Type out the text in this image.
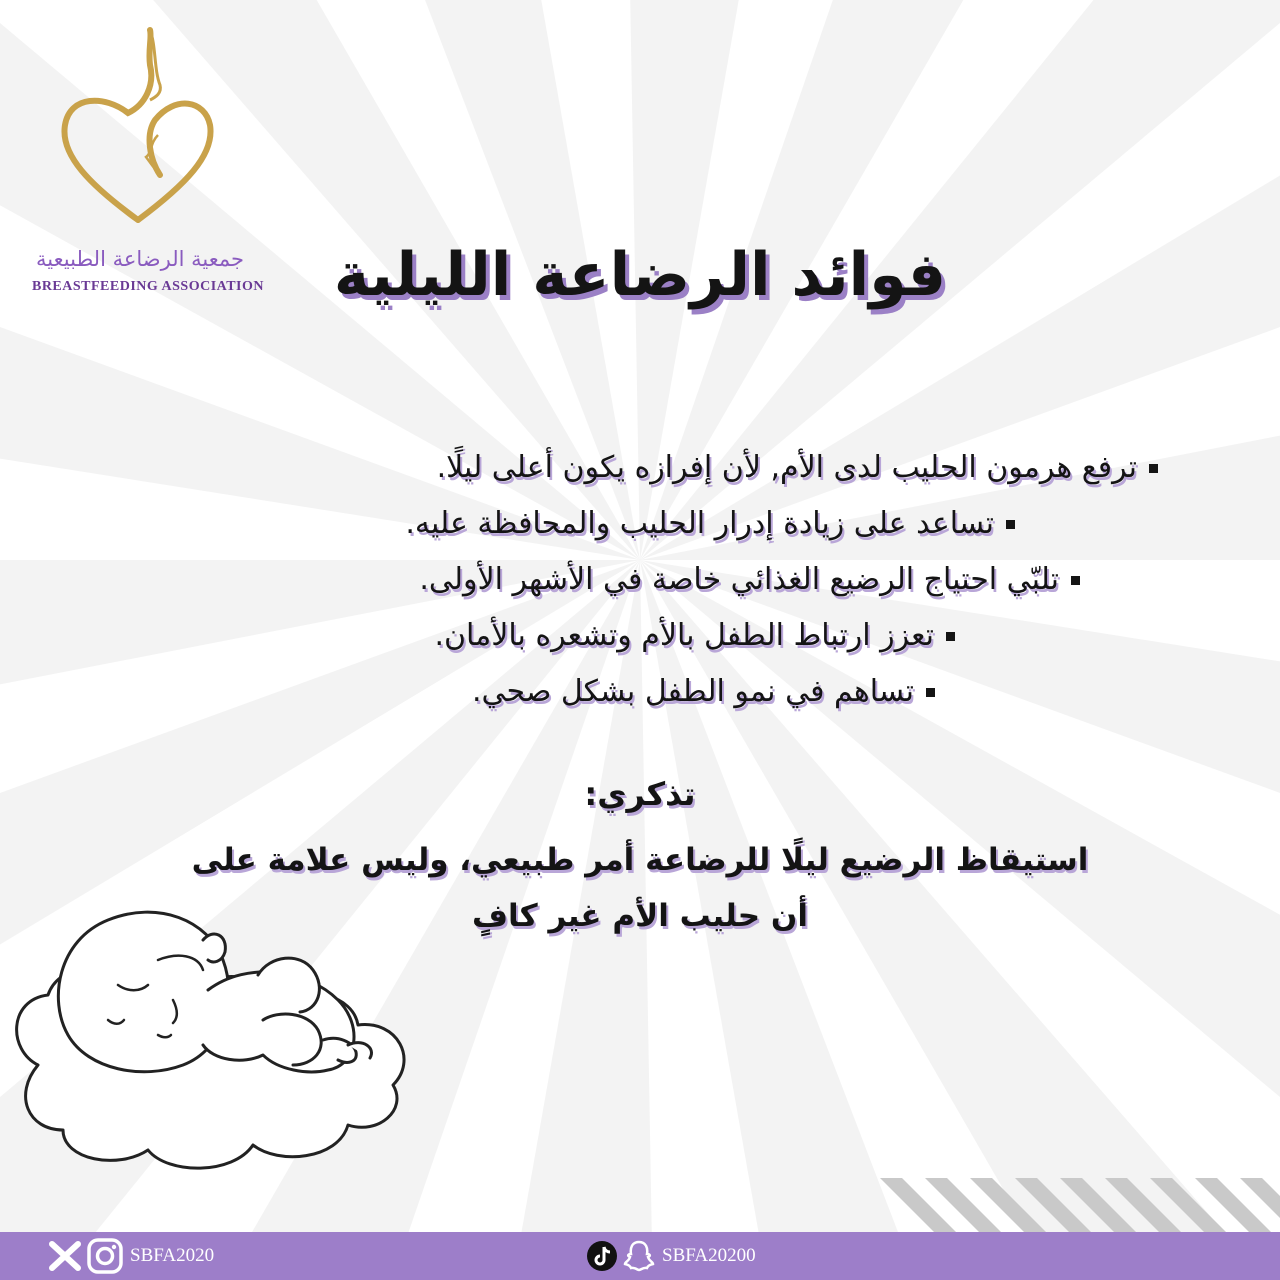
جمعية الرضاعة الطبيعية
BREASTFEEDING ASSOCIATION	فوائد الرضاعة الليلية
ترفع هرمون الحليب لدى الأم, لأن إفرازه يكون أعلى ليلًا.
تساعد على زيادة إدرار الحليب والمحافظة عليه.
تلبّي احتياج الرضيع الغذائي خاصة في الأشهر الأولى.
تعزز ارتباط الطفل بالأم وتشعره بالأمان.
تساهم في نمو الطفل بشكل صحي.
تذكري:
استيقاظ الرضيع ليلًا للرضاعة أمر طبيعي، وليس علامة على
أن حليب الأم غير كافٍ
SBFA2020	SBFA20200
